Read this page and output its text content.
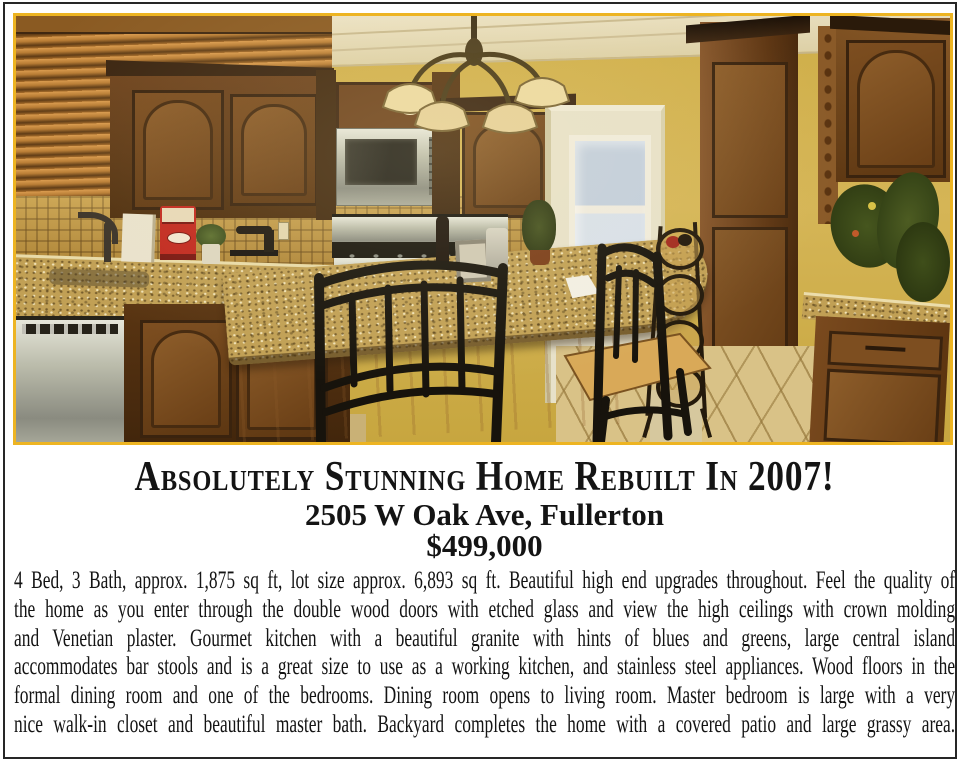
Absolutely Stunning Home Rebuilt In 2007!
2505 W Oak Ave, Fullerton
$499,000
4 Bed, 3 Bath, approx. 1,875 sq ft, lot size approx. 6,893 sq ft. Beautiful high end upgrades throughout. Feel the quality of
the home as you enter through the double wood doors with etched glass and view the high ceilings with crown molding
and Venetian plaster. Gourmet kitchen with a beautiful granite with hints of blues and greens, large central island
accommodates bar stools and is a great size to use as a working kitchen, and stainless steel appliances. Wood floors in the
formal dining room and one of the bedrooms. Dining room opens to living room. Master bedroom is large with a very
nice walk-in closet and beautiful master bath. Backyard completes the home with a covered patio and large grassy area.
